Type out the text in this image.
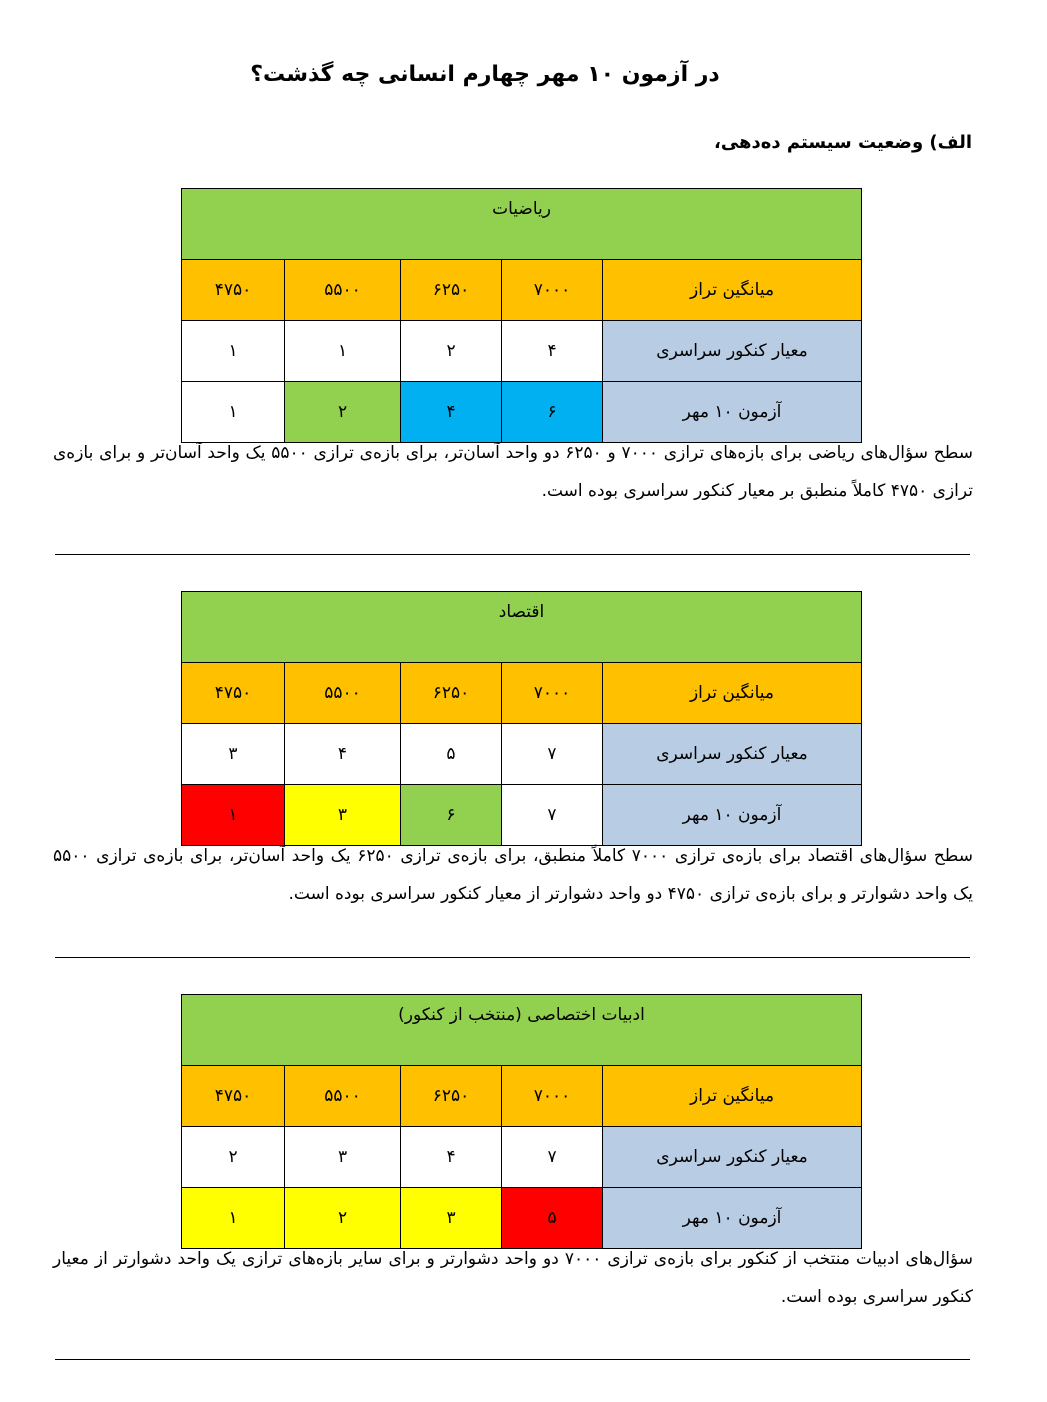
در آزمون ۱۰ مهر چهارم انسانی چه گذشت؟
الف) وضعیت سیستم ده‌دهی،
ریاضیات				
میانگین تراز	۷۰۰۰	۶۲۵۰	۵۵۰۰	۴۷۵۰
معیار کنکور سراسری	۴	۲	۱	۱
آزمون ۱۰ مهر	۶	۴	۲	۱
سطح سؤال‌های ریاضی برای بازه‌های ترازی ۷۰۰۰ و ۶۲۵۰ دو واحد آسان‌تر، برای بازه‌ی ترازی ۵۵۰۰ یک واحد آسان‌تر و برای بازه‌ی ترازی ۴۷۵۰ کاملاً منطبق بر معیار کنکور سراسری بوده است.
اقتصاد				
میانگین تراز	۷۰۰۰	۶۲۵۰	۵۵۰۰	۴۷۵۰
معیار کنکور سراسری	۷	۵	۴	۳
آزمون ۱۰ مهر	۷	۶	۳	۱
سطح سؤال‌های اقتصاد برای بازه‌ی ترازی ۷۰۰۰ کاملاً منطبق، برای بازه‌ی ترازی ۶۲۵۰ یک واحد آسان‌تر، برای بازه‌ی ترازی ۵۵۰۰ یک واحد دشوارتر و برای بازه‌ی ترازی ۴۷۵۰ دو واحد دشوارتر از معیار کنکور سراسری بوده است.
ادبیات اختصاصی (منتخب از کنکور)				
میانگین تراز	۷۰۰۰	۶۲۵۰	۵۵۰۰	۴۷۵۰
معیار کنکور سراسری	۷	۴	۳	۲
آزمون ۱۰ مهر	۵	۳	۲	۱
سؤال‌های ادبیات منتخب از کنکور برای بازه‌ی ترازی ۷۰۰۰ دو واحد دشوارتر و برای سایر بازه‌های ترازی یک واحد دشوارتر از معیار کنکور سراسری بوده است.
